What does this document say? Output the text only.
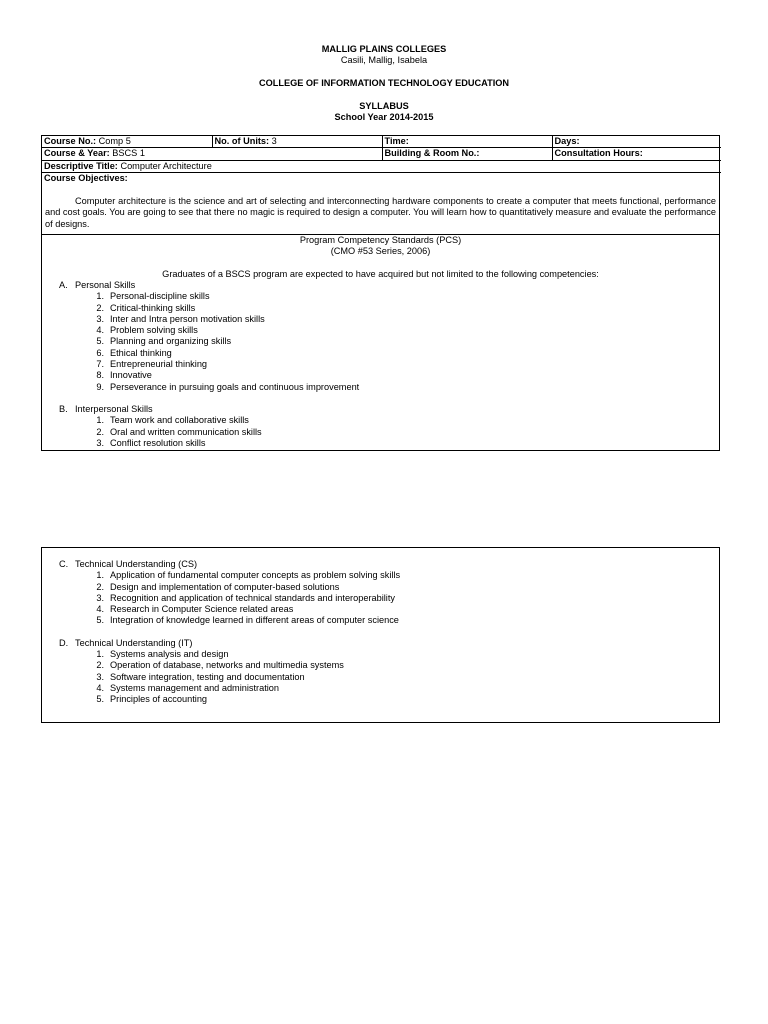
MALLIG PLAINS COLLEGES
Casili, Mallig, Isabela
COLLEGE OF INFORMATION TECHNOLOGY EDUCATION
SYLLABUS
School Year 2014-2015
Course No.: Comp 5	No. of Units: 3	Time:	Days:
Course & Year: BSCS 1		Building & Room No.:	Consultation Hours:
Descriptive Title: Computer Architecture			
Course Objectives:			
Computer architecture is the science and art of selecting and interconnecting hardware components to create a computer that meets functional, performance and cost goals. You are going to see that there no magic is required to design a computer. You will learn how to quantitatively measure and evaluate the performance of designs.
Program Competency Standards (PCS)
(CMO #53 Series, 2006)
Graduates of a BSCS program are expected to have acquired but not limited to the following competencies:
A. Personal Skills
1. Personal-discipline skills
2. Critical-thinking skills
3. Inter and Intra person motivation skills
4. Problem solving skills
5. Planning and organizing skills
6. Ethical thinking
7. Entrepreneurial thinking
8. Innovative
9. Perseverance in pursuing goals and continuous improvement
B. Interpersonal Skills
1. Team work and collaborative skills
2. Oral and written communication skills
3. Conflict resolution skills
C. Technical Understanding (CS)
1. Application of fundamental computer concepts as problem solving skills
2. Design and implementation of computer-based solutions
3. Recognition and application of technical standards and interoperability
4. Research in Computer Science related areas
5. Integration of knowledge learned in different areas of computer science
D. Technical Understanding (IT)
1. Systems analysis and design
2. Operation of database, networks and multimedia systems
3. Software integration, testing and documentation
4. Systems management and administration
5. Principles of accounting
